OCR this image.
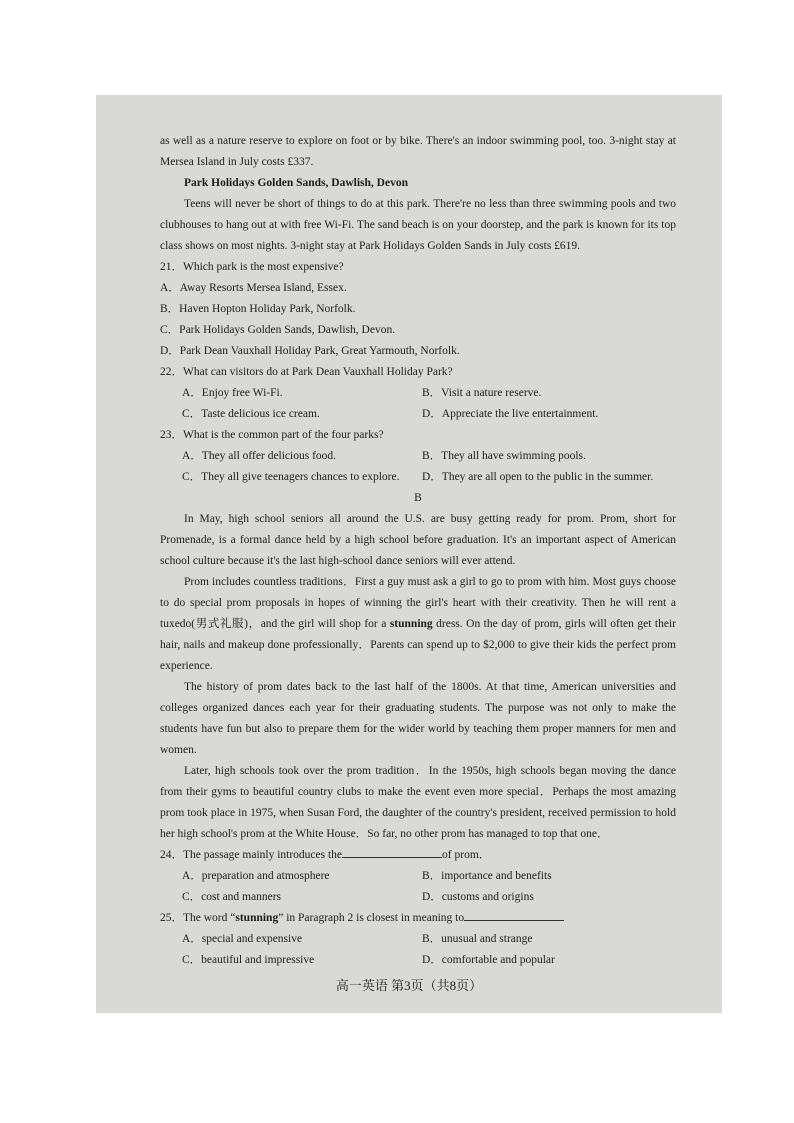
as well as a nature reserve to explore on foot or by bike. There's an indoor swimming pool, too. 3-night stay at Mersea Island in July costs £337.

Park Holidays Golden Sands, Dawlish, Devon

Teens will never be short of things to do at this park. There're no less than three swimming pools and two clubhouses to hang out at with free Wi-Fi. The sand beach is on your doorstep, and the park is known for its top class shows on most nights. 3-night stay at Park Holidays Golden Sands in July costs £619.

21．Which park is the most expensive?

A．Away Resorts Mersea Island, Essex.

B．Haven Hopton Holiday Park, Norfolk.

C．Park Holidays Golden Sands, Dawlish, Devon.

D．Park Dean Vauxhall Holiday Park, Great Yarmouth, Norfolk.

22．What can visitors do at Park Dean Vauxhall Holiday Park?

A．Enjoy free Wi-Fi.	B．Visit a nature reserve.
C．Taste delicious ice cream.	D．Appreciate the live entertainment.

23．What is the common part of the four parks?

A．They all offer delicious food.	B．They all have swimming pools.
C．They all give teenagers chances to explore.	D．They are all open to the public in the summer.

B

In May, high school seniors all around the U.S. are busy getting ready for prom. Prom, short for Promenade, is a formal dance held by a high school before graduation. It's an important aspect of American school culture because it's the last high-school dance seniors will ever attend.

Prom includes countless traditions．First a guy must ask a girl to go to prom with him. Most guys choose to do special prom proposals in hopes of winning the girl's heart with their creativity. Then he will rent a tuxedo(男式礼服)，and the girl will shop for a stunning dress. On the day of prom, girls will often get their hair, nails and makeup done professionally．Parents can spend up to $2,000 to give their kids the perfect prom experience.

The history of prom dates back to the last half of the 1800s. At that time, American universities and colleges organized dances each year for their graduating students. The purpose was not only to make the students have fun but also to prepare them for the wider world by teaching them proper manners for men and women.

Later, high schools took over the prom tradition．In the 1950s, high schools began moving the dance from their gyms to beautiful country clubs to make the event even more special．Perhaps the most amazing prom took place in 1975, when Susan Ford, the daughter of the country's president, received permission to hold her high school's prom at the White House．So far, no other prom has managed to top that one．

24．The passage mainly introduces the	of prom．

A．preparation and atmosphere	B．importance and benefits
C．cost and manners	D．customs and origins

25．The word “stunning” in Paragraph 2 is closest in meaning to

A．special and expensive	B．unusual and strange
C．beautiful and impressive	D．comfortable and popular
高一英语 第3页（共8页）
